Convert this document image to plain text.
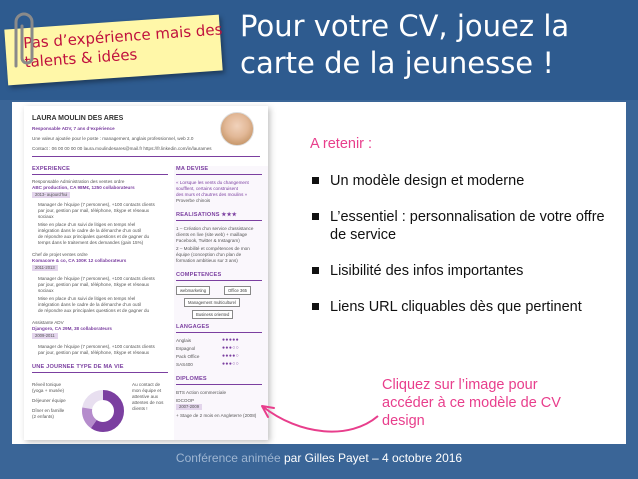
Pour votre CV, jouez la carte de la jeunesse !
Pas d’expérience mais des talents & idées
LAURA MOULIN DES ARES
Responsable ADV, 7 ans d’expérience
Une valeur ajoutée pour le poste : management, anglais professionnel, web 2.0
Contact : 06 00 00 00 00 laura.moulindesares@mail.fr https://fr.linkedin.com/in/laurames
EXPERIENCE
Responsable Administration des ventes ordre
ABC production, CA 98M€, 1250 collaborateurs
2013- aujourd’hui
Manager de l’équipe (7 personnes), +100 contacts clients
par jour, gestion par mail, téléphone, Skype et réseaux
sociaux
Mise en place d’un suivi de litiges en temps réel
intégration dans le cadre de la démarche d’un outil
de répondre aux principales questions et de gagner du
temps dans le traitement des demandes (gain 15%)
Chef de projet ventes ordre
Komacore & co, CA 100K 12 collaborateurs
2011-2013
Manager de l’équipe (7 personnes), +100 contacts clients
par jour, gestion par mail, téléphone, Skype et réseaux
sociaux
Mise en place d’un suivi de litiges en temps réel
intégration dans le cadre de la démarche d’un outil
de répondre aux principales questions et de gagner du
Assistante ADV
Djangoro, CA 29M, 38 collaborateurs
2009-2011
Manager de l’équipe (7 personnes), +100 contacts clients
par jour, gestion par mail, téléphone, Skype et réseaux
UNE JOURNEE TYPE DE MA VIE
Réveil tonique
(yoga + musée)
Déjeuner équipe
Dîner en famille
(2 enfants)
Au contact de
mon équipe et
attentive aux
attentes de nos
clients !
MA DEVISE
« Lorsque les vents du changement
soufflent, certains construisent
des murs et d’autres des moulins »
Proverbe chinois
REALISATIONS ★★★
1 – Création d’un service d’assistance
clients en live (site web) + maillage
Facebook, Twitter & Instagram)
2 – Mobilité et compétences de mon
équipe (conception d’un plan de
formation ambitieux sur 3 ans)
COMPETENCES
webmarketing	Office 365
Management multiculturel
Business oriented
LANGAGES
Anglais	●●●●●
Espagnol	●●●○○
Pack Office	●●●●○
SAS400	●●●○○
DIPLOMES
BTS Action commerciale
IDCOOP
2007-2009
+ Stage de 2 mois en Angleterre (2008)
A retenir :
Un modèle design et moderne
L’essentiel : personnalisation de votre offre de service
Lisibilité des infos importantes
Liens URL cliquables dès que pertinent
Cliquez sur l’image pour accéder à ce modèle de CV design
Conférence animée par Gilles Payet – 4 octobre 2016
